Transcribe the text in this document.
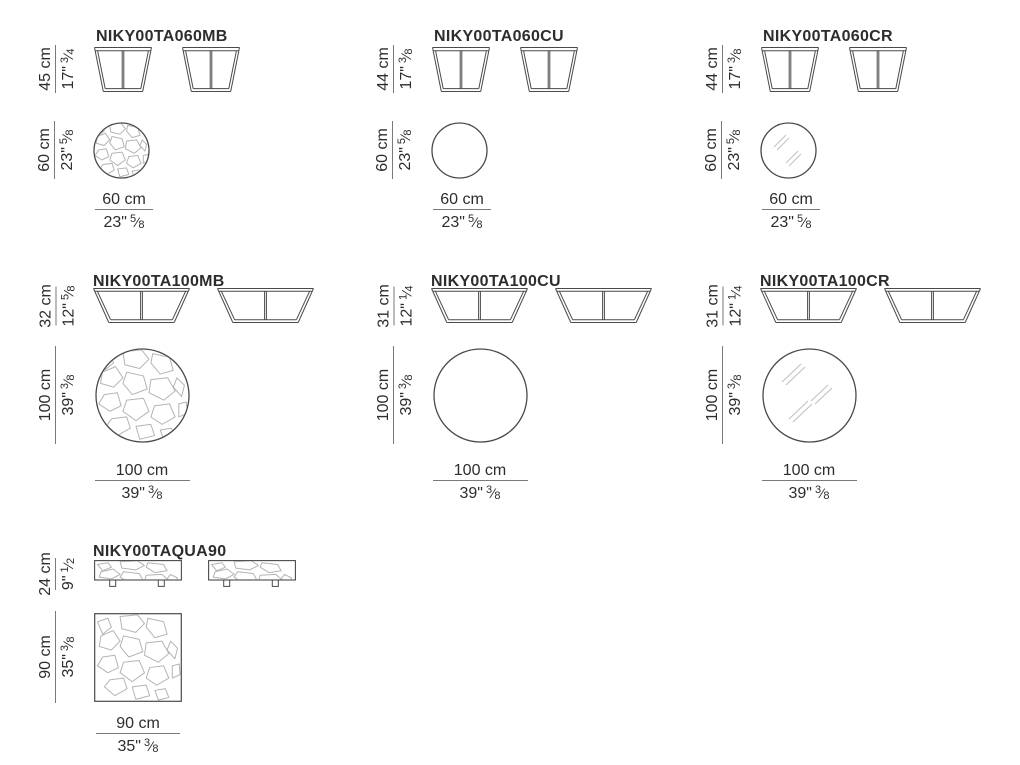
NIKY00TA060MB
45 cm $17"^3⁄_4$
60 cm $23"^5⁄_8$
60 cm
23" $^5⁄_8$
NIKY00TA060CU
44 cm $17"^3⁄_8$
60 cm $23"^5⁄_8$
60 cm
23" $^5⁄_8$
NIKY00TA060CR
44 cm $17"^3⁄_8$
60 cm $23"^5⁄_8$
60 cm
23" $^5⁄_8$
NIKY00TA100MB
32 cm $12"^5⁄_8$
100 cm $39"^3⁄_8$
100 cm
39" $^3⁄_8$
NIKY00TA100CU
31 cm $12"^1⁄_4$
100 cm $39"^3⁄_8$
100 cm
39" $^3⁄_8$
NIKY00TA100CR
31 cm $12"^1⁄_4$
100 cm $39"^3⁄_8$
100 cm
39" $^3⁄_8$
NIKY00TAQUA90
24 cm $9"^1⁄_2$
90 cm $35"^3⁄_8$
90 cm
35" $^3⁄_8$
